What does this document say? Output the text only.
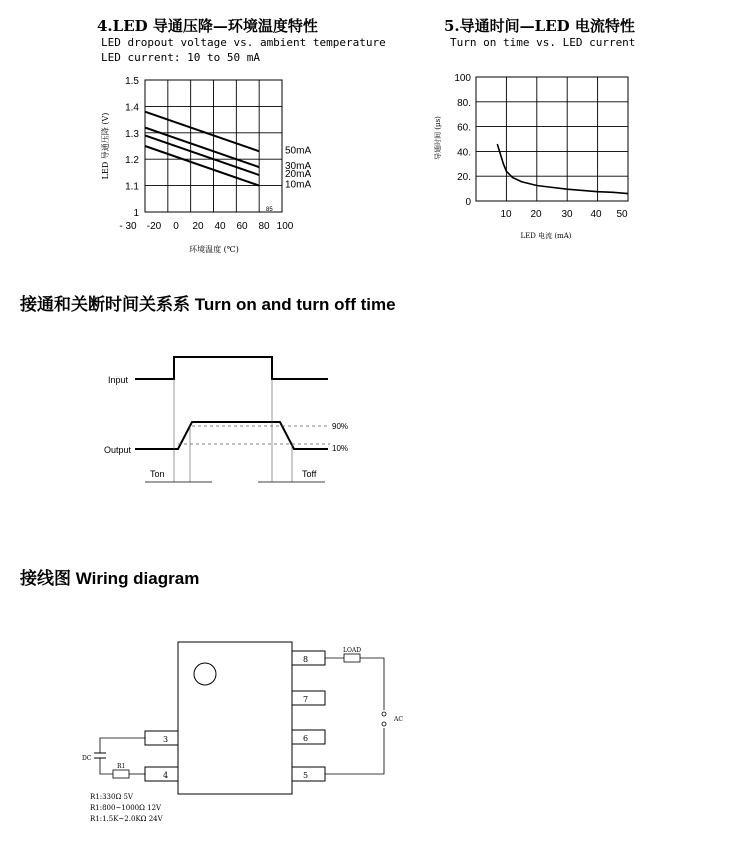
4.LED 导通压降—环境温度特性
LED dropout voltage vs. ambient temperature
LED current: 10 to 50 mA
5.导通时间—LED 电流特性
Turn on time vs. LED current
1
1.1
1.2
1.3
1.4
1.5
- 30 -20 0 20 40 60 80 100
85
环境温度 (℃)
LED 导通压降 (V)	50mA
30mA
20mA
10mA
0
20.
40.
60.
80.
100
10 20 30 40 50
LED 电流 (mA)
导通时间 (μs)
接通和关断时间关系系 Turn on and turn off time
Input
Output
90%
10%
Ton	Toff
接线图 Wiring diagram
8
7
6
5
3
4
LOAD
AC
DC
R1
R1:330Ω 5V
R1:800~1000Ω 12V
R1:1.5K~2.0KΩ 24V
